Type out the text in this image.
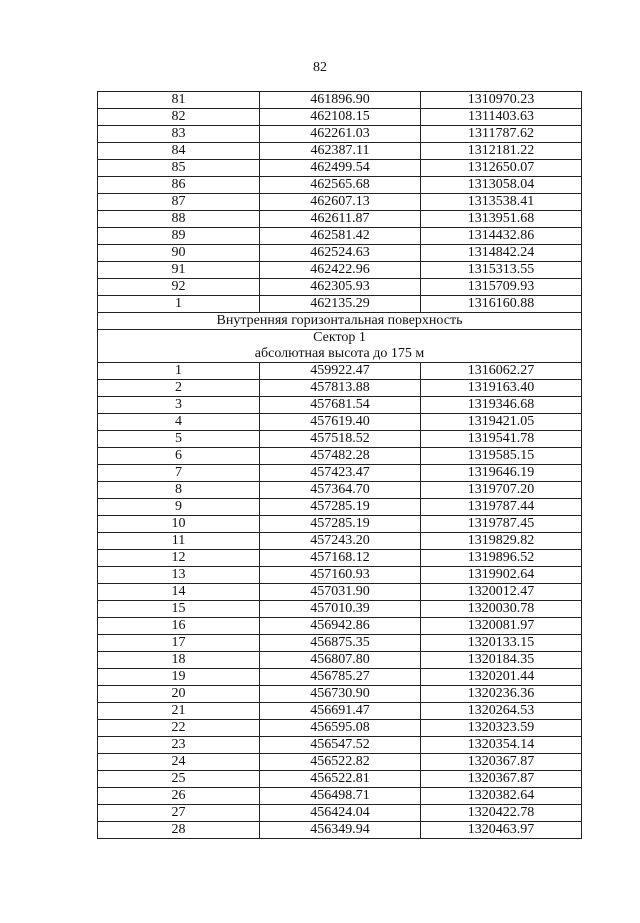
82
81	461896.90	1310970.23
82	462108.15	1311403.63
83	462261.03	1311787.62
84	462387.11	1312181.22
85	462499.54	1312650.07
86	462565.68	1313058.04
87	462607.13	1313538.41
88	462611.87	1313951.68
89	462581.42	1314432.86
90	462524.63	1314842.24
91	462422.96	1315313.55
92	462305.93	1315709.93
1	462135.29	1316160.88
Внутренняя горизонтальная поверхность		

Сектор 1
абсолютная высота до 175 м		

1	459922.47	1316062.27
2	457813.88	1319163.40
3	457681.54	1319346.68
4	457619.40	1319421.05
5	457518.52	1319541.78
6	457482.28	1319585.15
7	457423.47	1319646.19
8	457364.70	1319707.20
9	457285.19	1319787.44
10	457285.19	1319787.45
11	457243.20	1319829.82
12	457168.12	1319896.52
13	457160.93	1319902.64
14	457031.90	1320012.47
15	457010.39	1320030.78
16	456942.86	1320081.97
17	456875.35	1320133.15
18	456807.80	1320184.35
19	456785.27	1320201.44
20	456730.90	1320236.36
21	456691.47	1320264.53
22	456595.08	1320323.59
23	456547.52	1320354.14
24	456522.82	1320367.87
25	456522.81	1320367.87
26	456498.71	1320382.64
27	456424.04	1320422.78
28	456349.94	1320463.97
